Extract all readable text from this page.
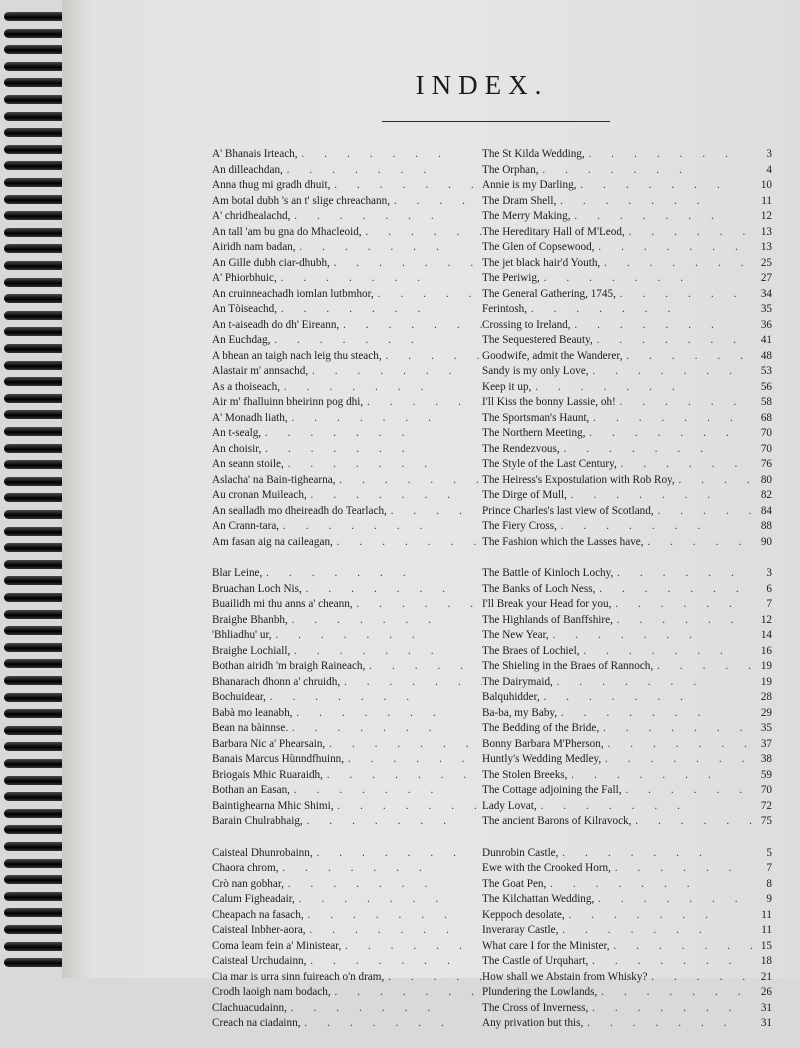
INDEX.
A' Bhanais Irteach, .	The St Kilda Wedding, .	3
An dilleachdan, .	The Orphan, .	4
Anna thug mi gradh dhuit, .	Annie is my Darling, .	10
Am botal dubh 's an t' slige chreachann, .	The Dram Shell, .	11
A' chridhealachd, .	The Merry Making, .	12
An tall 'am bu gna do Mhacleoid, .	The Hereditary Hall of M'Leod, .	13
Airidh nam badan, .	The Glen of Copsewood, .	13
An Gille dubh ciar-dhubh, .	The jet black hair'd Youth, .	25
A' Phiorbhuic, .	The Periwig, .	27
An cruinneachadh iomlan lutbmhor, .	The General Gathering, 1745, .	34
An Tòiseachd, .	Ferintosh, .	35
An t-aiseadh do dh' Eireann, .	Crossing to Ireland, .	36
An Euchdag, .	The Sequestered Beauty, .	41
A bhean an taigh nach leig thu steach, .	Goodwife, admit the Wanderer, .	48
Alastair m' annsachd, .	Sandy is my only Love, .	53
As a thoiseach, .	Keep it up, .	56
Air m' fhalluinn bheirinn pog dhi, .	I'll Kiss the bonny Lassie, oh! .	58
A' Monadh liath, .	The Sportsman's Haunt, .	68
An t-sealg, .	The Northern Meeting, .	70
An choisir, .	The Rendezvous, .	70
An seann stoile, .	The Style of the Last Century, .	76
Aslacha' na Bain-tighearna, .	The Heiress's Expostulation with Rob Roy, .	80
Au cronan Muileach, .	The Dirge of Mull, .	82
An sealladh mo dheireadh do Tearlach, .	Prince Charles's last view of Scotland, .	84
An Crann-tara, .	The Fiery Cross, .	88
Am fasan aig na caileagan, .	The Fashion which the Lasses have, .	90
Blar Leine, .	The Battle of Kinloch Lochy, .	3
Bruachan Loch Nis, .	The Banks of Loch Ness, .	6
Buailidh mi thu anns a' cheann, .	I'll Break your Head for you, .	7
Braighe Bhanbh, .	The Highlands of Banffshire, .	12
'Bhliadhu' ur, .	The New Year, .	14
Braighe Lochiall, .	The Braes of Lochiel, .	16
Bothan airidh 'm braigh Raineach, .	The Shieling in the Braes of Rannoch, .	19
Bhanarach dhonn a' chruidh, .	The Dairymaid, .	19
Bochuidear, .	Balquhidder, .	28
Babà mo leanabh, .	Ba-ba, my Baby, .	29
Bean na bàinnse. .	The Bedding of the Bride, .	35
Barbara Nic a' Phearsain, .	Bonny Barbara M'Pherson, .	37
Banais Marcus Hùnndfhuinn, .	Huntly's Wedding Medley, .	38
Briogais Mhic Ruaraidh, .	The Stolen Breeks, .	59
Bothan an Easan, .	The Cottage adjoining the Fall, .	70
Baintighearna Mhic Shimi, .	Lady Lovat, .	72
Barain Chulrabhaig, .	The ancient Barons of Kilravock, .	75
Caisteal Dhunrobainn, .	Dunrobin Castle, .	5
Chaora chrom, .	Ewe with the Crooked Horn, .	7
Crò nan gobhar, .	The Goat Pen, .	8
Calum Figheadair, .	The Kilchattan Wedding, .	9
Cheapach na fasach, .	Keppoch desolate, .	11
Caisteal Inbher-aora, .	Inveraray Castle, .	11
Coma leam fein a' Ministear, .	What care I for the Minister, .	15
Caisteal Urchudainn, .	The Castle of Urquhart, .	18
Cia mar is urra sinn fuireach o'n dram, .	How shall we Abstain from Whisky? .	21
Crodh laoigh nam bodach, .	Plundering the Lowlands, .	26
Clachuacudainn, .	The Cross of Inverness, .	31
Creach na ciadainn, .	Any privation but this, .	31
